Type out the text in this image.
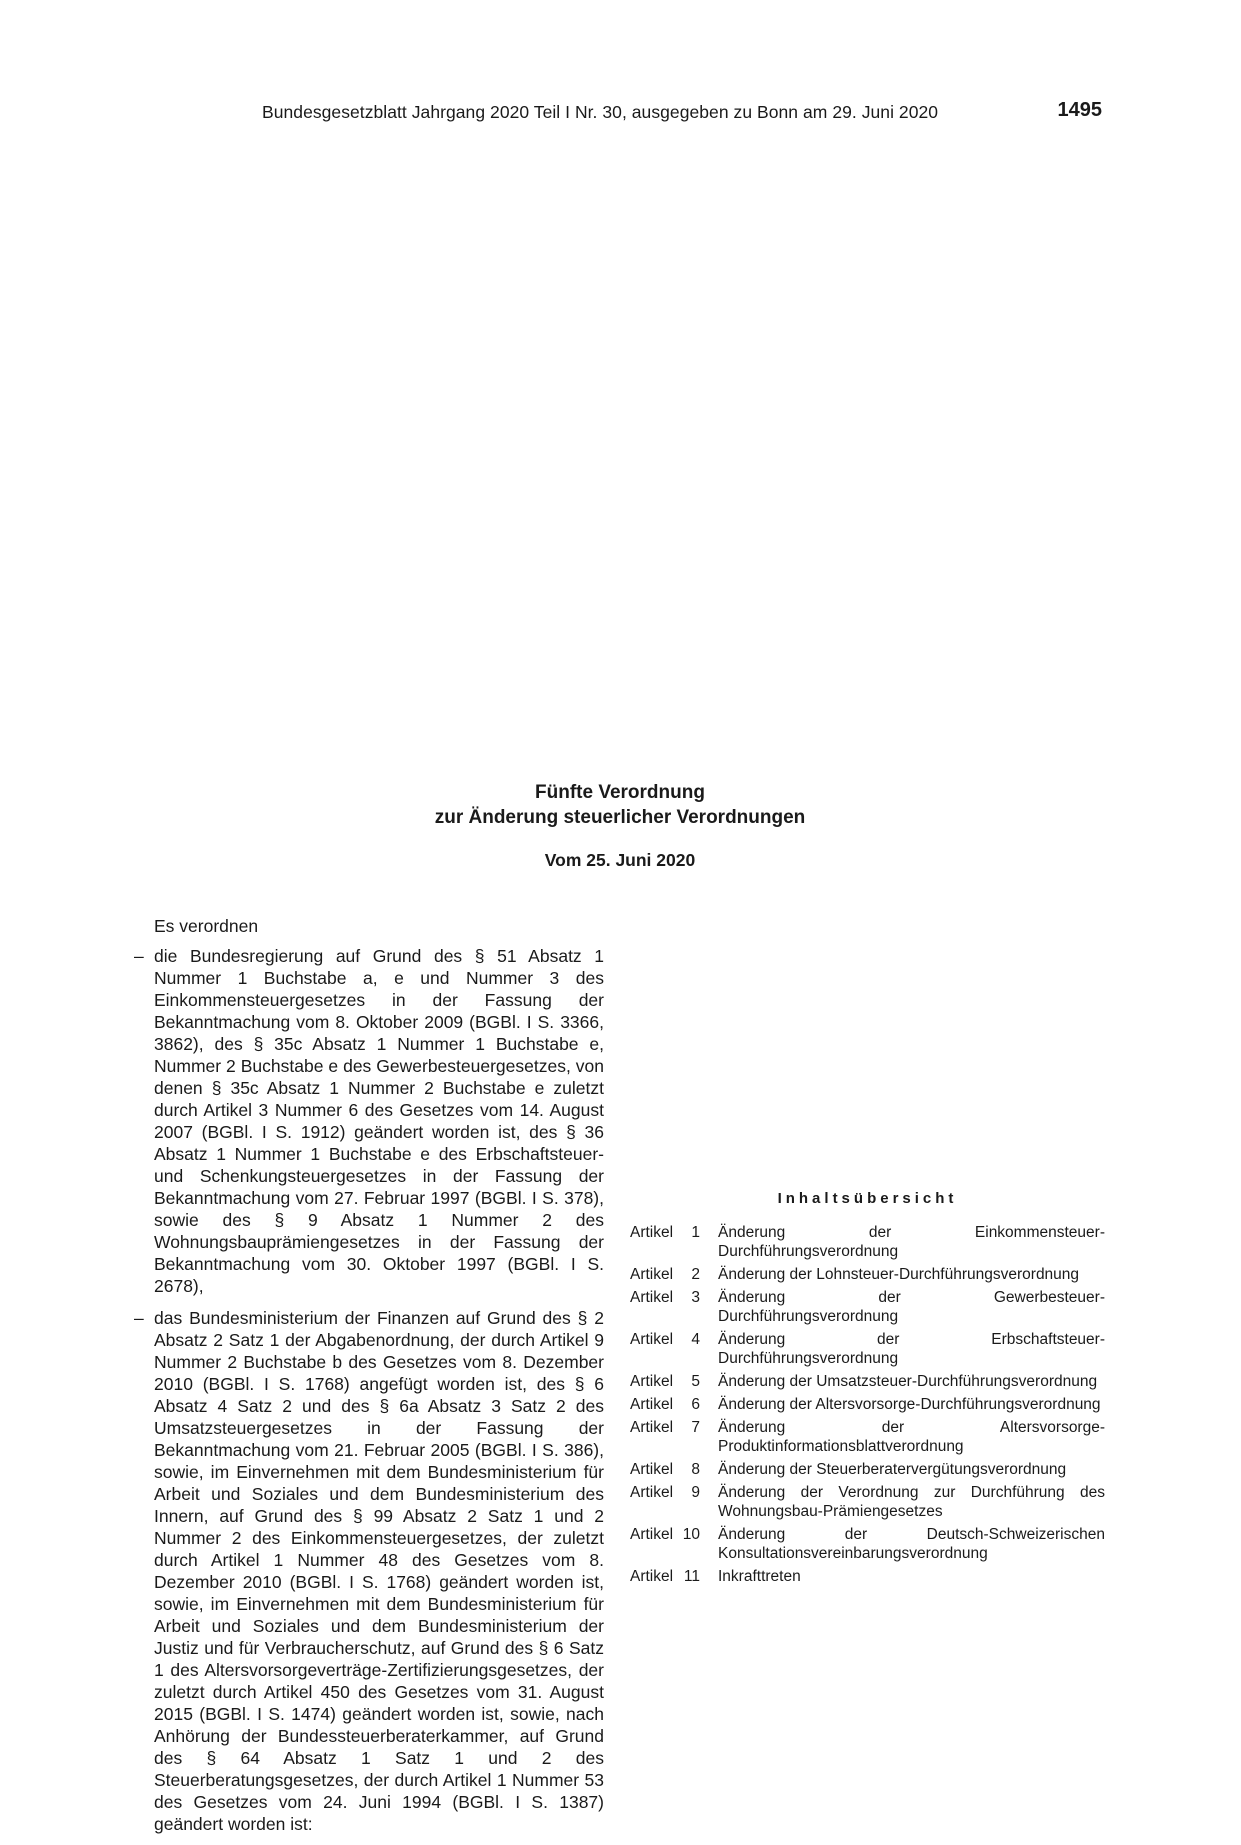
Bundesgesetzblatt Jahrgang 2020 Teil I Nr. 30, ausgegeben zu Bonn am 29. Juni 2020	1495
Fünfte Verordnung
zur Änderung steuerlicher Verordnungen
Vom 25. Juni 2020
Es verordnen
– die Bundesregierung auf Grund des § 51 Absatz 1 Nummer 1 Buchstabe a, e und Nummer 3 des Einkommensteuergesetzes in der Fassung der Bekanntmachung vom 8. Oktober 2009 (BGBl. I S. 3366, 3862), des § 35c Absatz 1 Nummer 1 Buchstabe e, Nummer 2 Buchstabe e des Gewerbesteuergesetzes, von denen § 35c Absatz 1 Nummer 2 Buchstabe e zuletzt durch Artikel 3 Nummer 6 des Gesetzes vom 14. August 2007 (BGBl. I S. 1912) geändert worden ist, des § 36 Absatz 1 Nummer 1 Buchstabe e des Erbschaftsteuer- und Schenkungsteuergesetzes in der Fassung der Bekanntmachung vom 27. Februar 1997 (BGBl. I S. 378), sowie des § 9 Absatz 1 Nummer 2 des Wohnungsbauprämiengesetzes in der Fassung der Bekanntmachung vom 30. Oktober 1997 (BGBl. I S. 2678),
– das Bundesministerium der Finanzen auf Grund des § 2 Absatz 2 Satz 1 der Abgabenordnung, der durch Artikel 9 Nummer 2 Buchstabe b des Gesetzes vom 8. Dezember 2010 (BGBl. I S. 1768) angefügt worden ist, des § 6 Absatz 4 Satz 2 und des § 6a Absatz 3 Satz 2 des Umsatzsteuergesetzes in der Fassung der Bekanntmachung vom 21. Februar 2005 (BGBl. I S. 386), sowie, im Einvernehmen mit dem Bundesministerium für Arbeit und Soziales und dem Bundesministerium des Innern, auf Grund des § 99 Absatz 2 Satz 1 und 2 Nummer 2 des Einkommensteuergesetzes, der zuletzt durch Artikel 1 Nummer 48 des Gesetzes vom 8. Dezember 2010 (BGBl. I S. 1768) geändert worden ist, sowie, im Einvernehmen mit dem Bundesministerium für Arbeit und Soziales und dem Bundesministerium der Justiz und für Verbraucherschutz, auf Grund des § 6 Satz 1 des Altersvorsorgeverträge-Zertifizierungsgesetzes, der zuletzt durch Artikel 450 des Gesetzes vom 31. August 2015 (BGBl. I S. 1474) geändert worden ist, sowie, nach Anhörung der Bundessteuerberaterkammer, auf Grund des § 64 Absatz 1 Satz 1 und 2 des Steuerberatungsgesetzes, der durch Artikel 1 Nummer 53 des Gesetzes vom 24. Juni 1994 (BGBl. I S. 1387) geändert worden ist:
Inhaltsübersicht
Artikel	1	Änderung der Einkommensteuer-Durchführungsverordnung
Artikel	2	Änderung der Lohnsteuer-Durchführungsverordnung
Artikel	3	Änderung der Gewerbesteuer-Durchführungsverordnung
Artikel	4	Änderung der Erbschaftsteuer-Durchführungsverordnung
Artikel	5	Änderung der Umsatzsteuer-Durchführungsverordnung
Artikel	6	Änderung der Altersvorsorge-Durchführungsverordnung
Artikel	7	Änderung der Altersvorsorge-Produktinformationsblattverordnung
Artikel	8	Änderung der Steuerberatervergütungsverordnung
Artikel	9	Änderung der Verordnung zur Durchführung des Wohnungsbau-Prämiengesetzes
Artikel 10	Änderung der Deutsch-Schweizerischen Konsultationsvereinbarungsverordnung
Artikel 11	Inkrafttreten
